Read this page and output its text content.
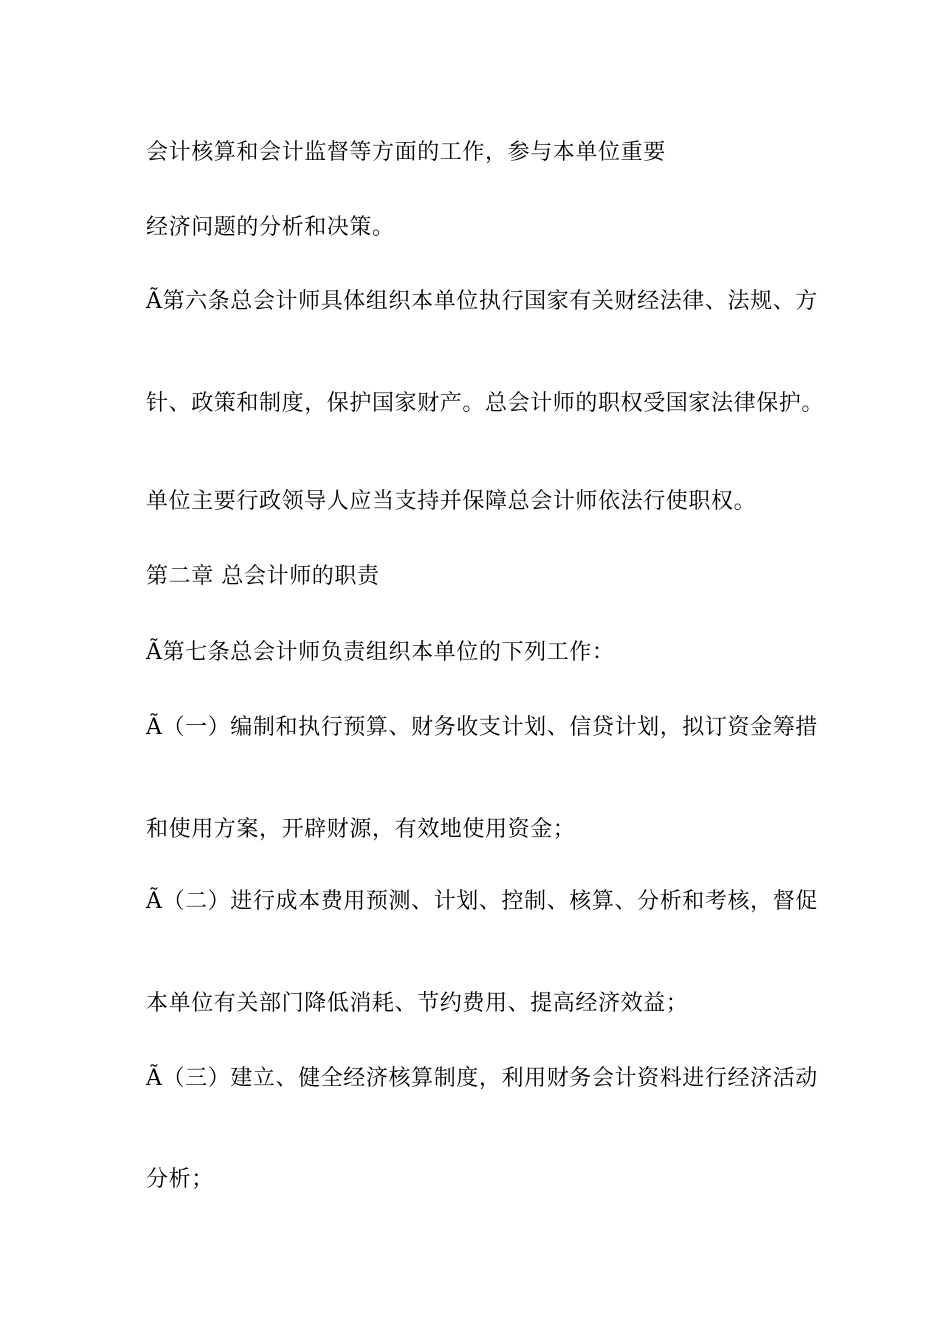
会计核算和会计监督等方面的工作，参与本单位重要
经济问题的分析和决策。
Ã第六条总会计师具体组织本单位执行国家有关财经法律、法规、方
针、政策和制度，保护国家财产。总会计师的职权受国家法律保护。
单位主要行政领导人应当支持并保障总会计师依法行使职权。
第二章 总会计师的职责
Ã第七条总会计师负责组织本单位的下列工作：
Ã（一）编制和执行预算、财务收支计划、信贷计划，拟订资金筹措
和使用方案，开辟财源，有效地使用资金；
Ã（二）进行成本费用预测、计划、控制、核算、分析和考核，督促
本单位有关部门降低消耗、节约费用、提高经济效益；
Ã（三）建立、健全经济核算制度，利用财务会计资料进行经济活动
分析；
